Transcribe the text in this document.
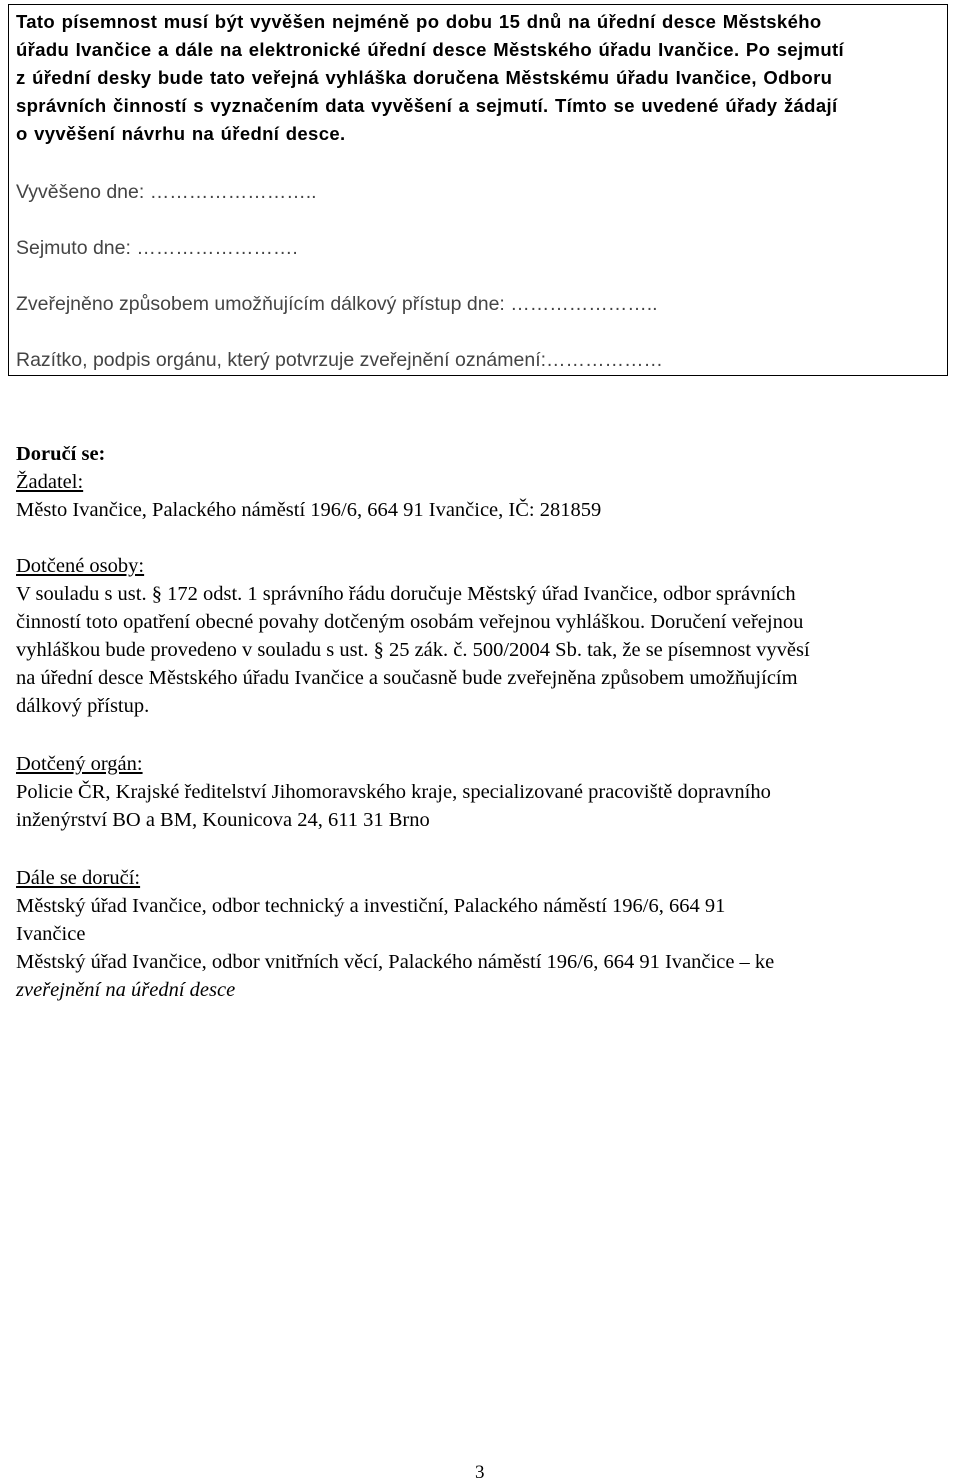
Tato písemnost musí být vyvěšen nejméně po dobu 15 dnů na úřední desce Městského
úřadu Ivančice a dále na elektronické úřední desce Městského úřadu Ivančice. Po sejmutí
z úřední desky bude tato veřejná vyhláška doručena Městskému úřadu Ivančice, Odboru
správních činností s vyznačením data vyvěšení a sejmutí. Tímto se uvedené úřady žádají
o vyvěšení návrhu na úřední desce.
Vyvěšeno dne: ……………………..
Sejmuto dne: …………………….
Zveřejněno způsobem umožňujícím dálkový přístup dne: …………………..
Razítko, podpis orgánu, který potvrzuje zveřejnění oznámení:………………
Doručí se:
Žadatel:
Město Ivančice, Palackého náměstí 196/6, 664 91 Ivančice, IČ: 281859
Dotčené osoby:
V souladu s ust. § 172 odst. 1 správního řádu doručuje Městský úřad Ivančice, odbor správních
činností toto opatření obecné povahy dotčeným osobám veřejnou vyhláškou. Doručení veřejnou
vyhláškou bude provedeno v souladu s ust. § 25 zák. č. 500/2004 Sb. tak, že se písemnost vyvěsí
na úřední desce Městského úřadu Ivančice a současně bude zveřejněna způsobem umožňujícím
dálkový přístup.
Dotčený orgán:
Policie ČR, Krajské ředitelství Jihomoravského kraje, specializované pracoviště dopravního
inženýrství BO a BM, Kounicova 24, 611 31 Brno
Dále se doručí:
Městský úřad Ivančice, odbor technický a investiční, Palackého náměstí 196/6, 664 91
Ivančice
Městský úřad Ivančice, odbor vnitřních věcí, Palackého náměstí 196/6, 664 91 Ivančice – ke
zveřejnění na úřední desce
3
